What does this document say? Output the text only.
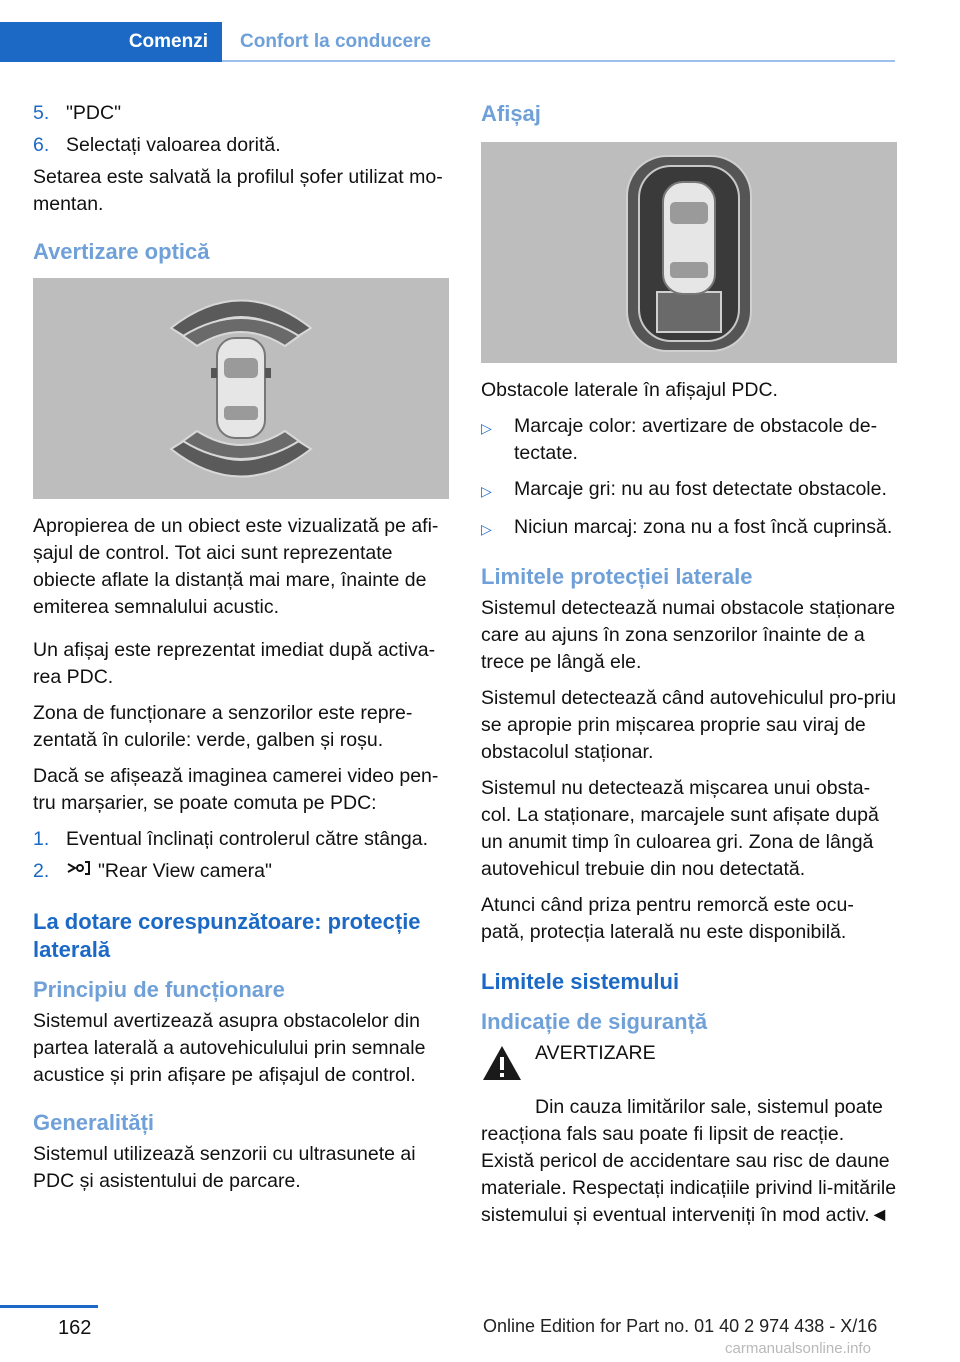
Comenzi	Confort la conducere
5. "PDC"
6. Selectați valoarea dorită.

Setarea este salvată la profilul șofer utilizat mo-mentan.

Avertizare optică

Apropierea de un obiect este vizualizată pe afi-șajul de control. Tot aici sunt reprezentate obiecte aflate la distanță mai mare, înainte de emiterea semnalului acustic.

Un afișaj este reprezentat imediat după activa-rea PDC.

Zona de funcționare a senzorilor este repre-zentată în culorile: verde, galben și roșu.

Dacă se afișează imaginea camerei video pen-tru marșarier, se poate comuta pe PDC:

1. Eventual înclinați controlerul către stânga.
2.	"Rear View camera"
La dotare corespunzătoare: protecție laterală
Principiu de funcționare

Sistemul avertizează asupra obstacolelor din partea laterală a autovehiculului prin semnale acustice și prin afișare pe afișajul de control.

Generalități

Sistemul utilizează senzorii cu ultrasunete ai PDC și asistentului de parcare.

Afișaj

Obstacole laterale în afișajul PDC.

▷	Marcaje color: avertizare de obstacole de-tectate.
▷	Marcaje gri: nu au fost detectate obstacole.
▷	Niciun marcaj: zona nu a fost încă cuprinsă.
Limitele protecției laterale

Sistemul detectează numai obstacole staționare care au ajuns în zona senzorilor înainte de a trece pe lângă ele.

Sistemul detectează când autovehiculul pro-priu se apropie prin mișcarea proprie sau viraj de obstacolul staționar.

Sistemul nu detectează mișcarea unui obsta-col. La staționare, marcajele sunt afișate după un anumit timp în culoarea gri. Zona de lângă autovehicul trebuie din nou detectată.

Atunci când priza pentru remorcă este ocu-pată, protecția laterală nu este disponibilă.

Limitele sistemului
Indicație de siguranță
AVERTIZARE

Din cauza limitărilor sale, sistemul poate reacționa fals sau poate fi lipsit de reacție. Există pericol de accidentare sau risc de daune materiale. Respectați indicațiile privind li-mitările sistemului și eventual interveniți în mod activ.◄

162	Online Edition for Part no. 01 40 2 974 438 - X/16
carmanualsonline.info
